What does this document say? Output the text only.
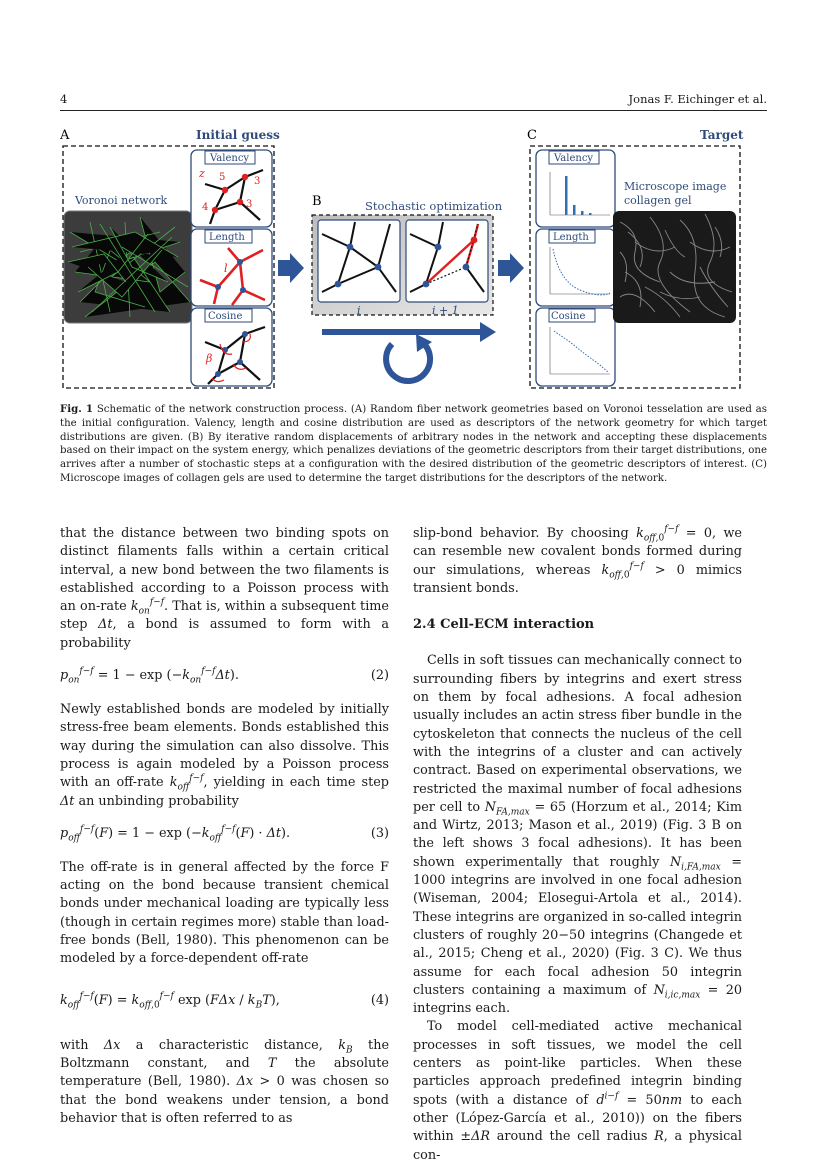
4	Jonas F. Eichinger et al.
A	Initial guess
Voronoi network
Valency
z 5	3
4	3
Length
l
Cosine
β
B	Stochastic optimization
i	i + 1
C	Target
Valency
Length
Cosine
Microscope image
collagen gel
Fig. 1 Schematic of the network construction process. (A) Random fiber network geometries based on Voronoi tesselation are used as the initial configuration. Valency, length and cosine distribution are used as descriptors of the network geometry for which target distributions are given. (B) By iterative random displacements of arbitrary nodes in the network and accepting these displacements based on their impact on the system energy, which penalizes deviations of the geometric descriptors from their target distributions, one arrives after a number of stochastic steps at a configuration with the desired distribution of the geometric descriptors of interest. (C) Microscope images of collagen gels are used to determine the target distributions for the descriptors of the network.

that the distance between two binding spots on distinct filaments falls within a certain critical interval, a new bond between the two filaments is established according to a Poisson process with an on-rate $k_{on}^{f-f}$. That is, within a subsequent time step Δt, a bond is assumed to form with a probability

$p_{on}^{f-f} = 1 - \exp (-k_{on}^{f-f}\Delta t)$.	(2)

Newly established bonds are modeled by initially stress-free beam elements. Bonds established this way during the simulation can also dissolve. This process is again modeled by a Poisson process with an off-rate $k_{off}^{f-f}$, yielding in each time step Δt an unbinding probability

$p_{off}^{f-f}(F) = 1 - \exp (-k_{off}^{f-f}(F) \cdot \Delta t)$.	(3)

The off-rate is in general affected by the force F acting on the bond because transient chemical bonds under mechanical loading are typically less (though in certain regimes more) stable than load-free bonds (Bell, 1980). This phenomenon can be modeled by a force-dependent off-rate

$k_{off}^{f-f}(F) = k_{off,0}^{f-f}$ $\exp (F\Delta x / k_BT)$,	(4)

with Δx a characteristic distance, $k_B$ the Boltzmann constant, and T the absolute temperature (Bell, 1980). Δx > 0 was chosen so that the bond weakens under tension, a bond behavior that is often referred to as

slip-bond behavior. By choosing $k_{off,0}^{f-f} = 0$, we can resemble new covalent bonds formed during our simulations, whereas $k_{off,0}^{f-f} > 0$ mimics transient bonds.

2.4 Cell-ECM interaction

Cells in soft tissues can mechanically connect to surrounding fibers by integrins and exert stress on them by focal adhesions. A focal adhesion usually includes an actin stress fiber bundle in the cytoskeleton that connects the nucleus of the cell with the integrins of a cluster and can actively contract. Based on experimental observations, we restricted the maximal number of focal adhesions per cell to $N_{FA,max} = 65$ (Horzum et al., 2014; Kim and Wirtz, 2013; Mason et al., 2019) (Fig. 3 B on the left shows 3 focal adhesions). It has been shown experimentally that roughly $N_{i,FA,max} = 1000$ integrins are involved in one focal adhesion (Wiseman, 2004; Elosegui-Artola et al., 2014). These integrins are organized in so-called integrin clusters of roughly 20−50 integrins (Changede et al., 2015; Cheng et al., 2020) (Fig. 3 C). We thus assume for each focal adhesion 50 integrin clusters containing a maximum of $N_{i,ic,max} = 20$ integrins each.

To model cell-mediated active mechanical processes in soft tissues, we model the cell centers as point-like particles. When these particles approach predefined integrin binding spots (with a distance of $d^{i-f} = 50nm$ to each other (López-García et al., 2010)) on the fibers within ±ΔR around the cell radius R, a physical con-
